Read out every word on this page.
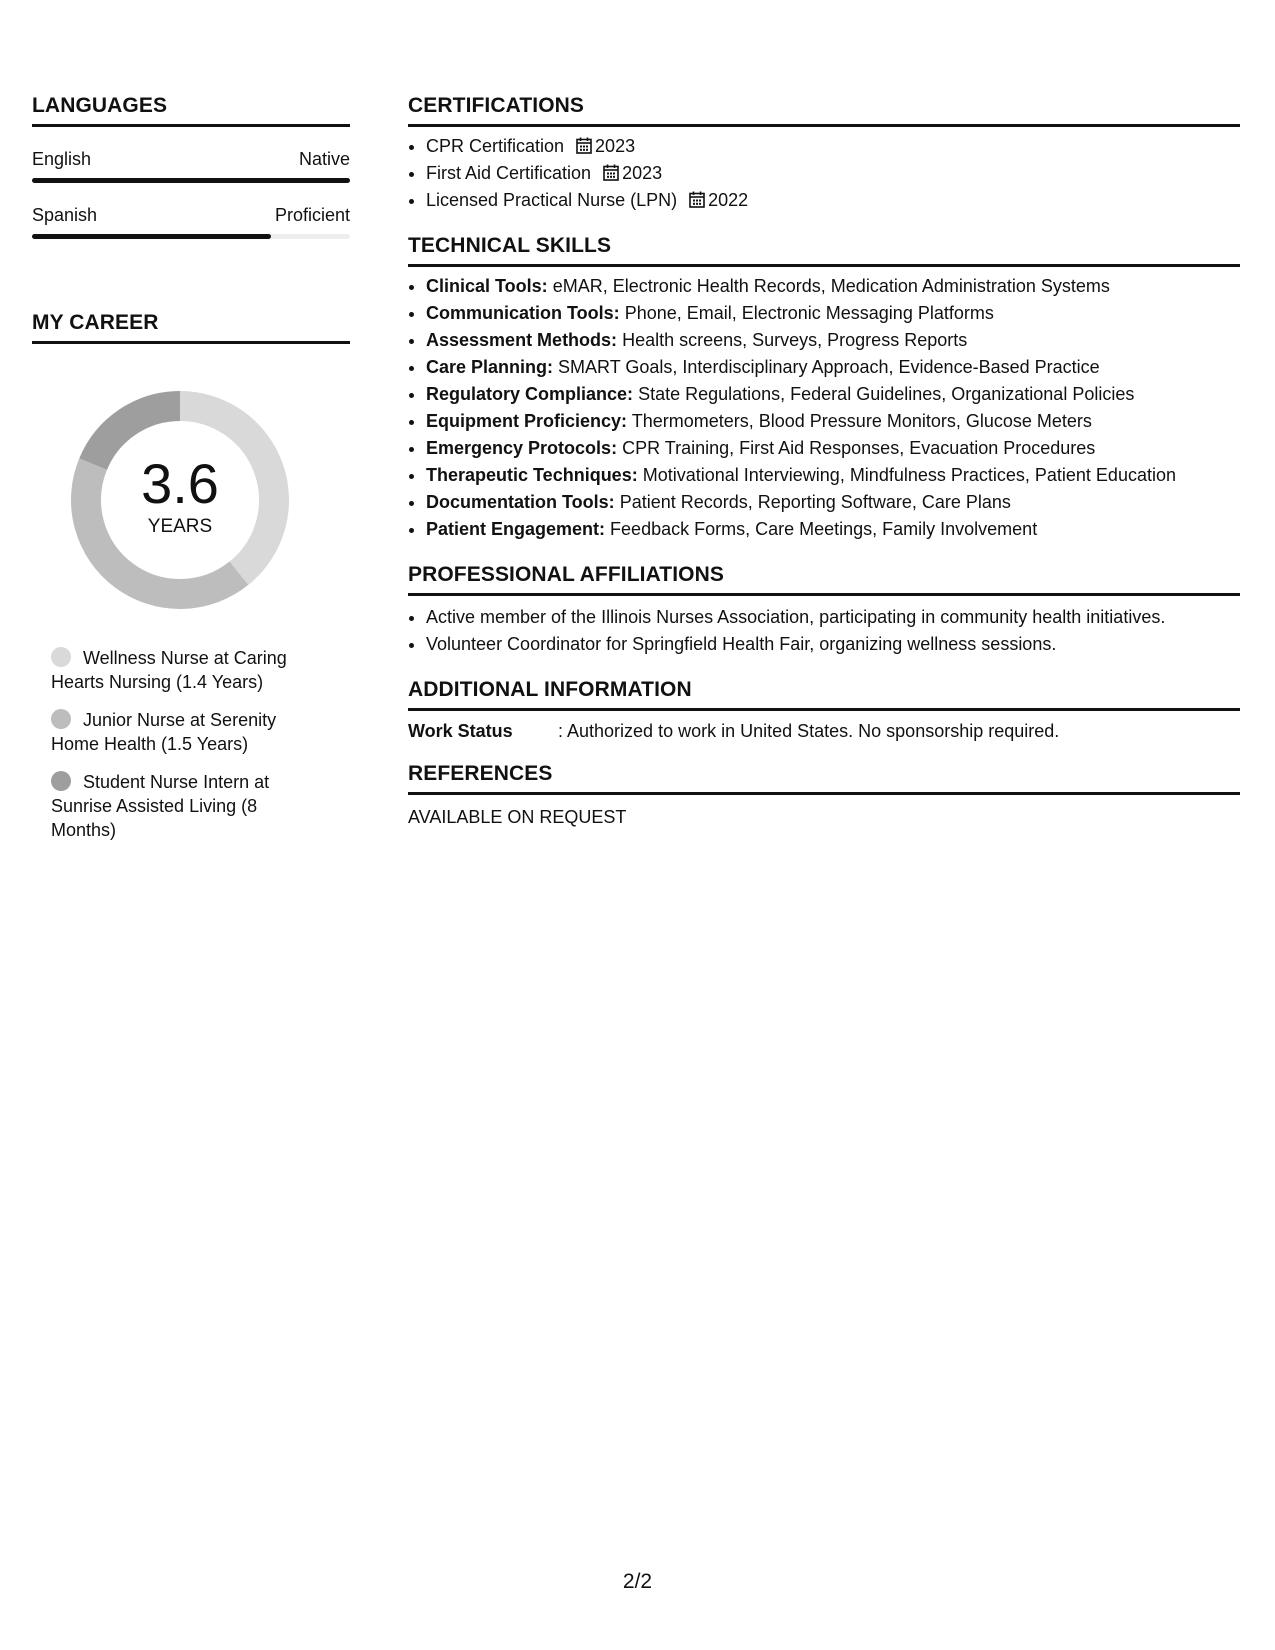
LANGUAGES
English	Native
Spanish	Proficient
MY CAREER
3.6
YEARS
Wellness Nurse at Caring Hearts Nursing (1.4 Years)
Junior Nurse at Serenity Home Health (1.5 Years)
Student Nurse Intern at Sunrise Assisted Living (8 Months)
CERTIFICATIONS
• CPR Certification 2023
• First Aid Certification 2023
• Licensed Practical Nurse (LPN) 2022
TECHNICAL SKILLS
• Clinical Tools: eMAR, Electronic Health Records, Medication Administration Systems
• Communication Tools: Phone, Email, Electronic Messaging Platforms
• Assessment Methods: Health screens, Surveys, Progress Reports
• Care Planning: SMART Goals, Interdisciplinary Approach, Evidence-Based Practice
• Regulatory Compliance: State Regulations, Federal Guidelines, Organizational Policies
• Equipment Proficiency: Thermometers, Blood Pressure Monitors, Glucose Meters
• Emergency Protocols: CPR Training, First Aid Responses, Evacuation Procedures
• Therapeutic Techniques: Motivational Interviewing, Mindfulness Practices, Patient Education
• Documentation Tools: Patient Records, Reporting Software, Care Plans
• Patient Engagement: Feedback Forms, Care Meetings, Family Involvement
PROFESSIONAL AFFILIATIONS
• Active member of the Illinois Nurses Association, participating in community health initiatives.
• Volunteer Coordinator for Springfield Health Fair, organizing wellness sessions.
ADDITIONAL INFORMATION
Work Status	: Authorized to work in United States. No sponsorship required.
REFERENCES
AVAILABLE ON REQUEST
2/2
